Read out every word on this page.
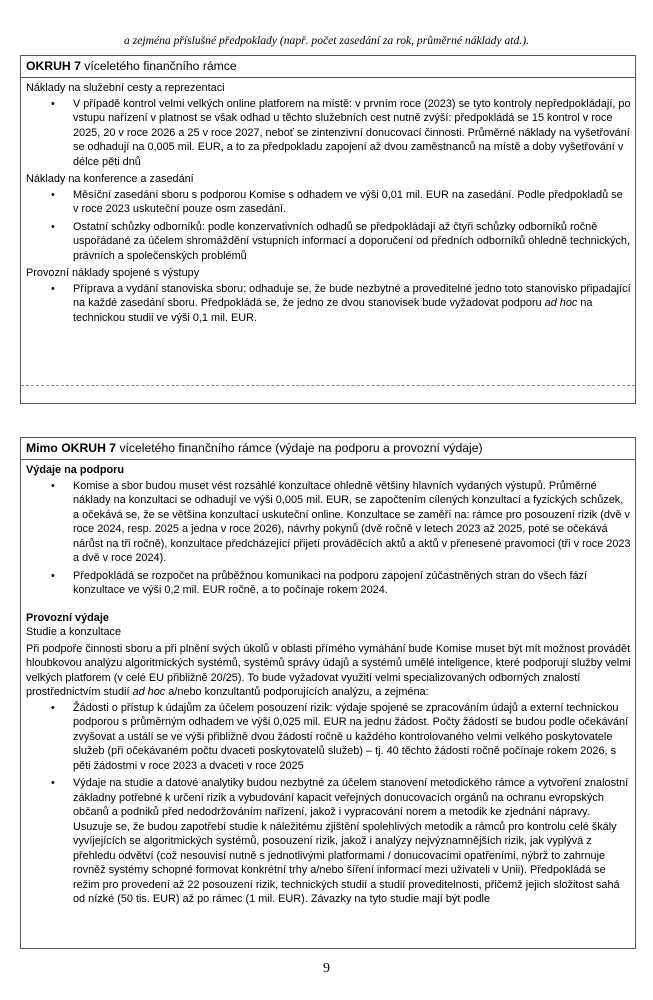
a zejména příslušné předpoklady (např. počet zasedání za rok, průměrné náklady atd.).
OKRUH 7 víceletého finančního rámce
Náklady na služební cesty a reprezentaci
• V případě kontrol velmi velkých online platforem na místě: v prvním roce (2023) se tyto kontroly nepředpokládají, po vstupu nařízení v platnost se však odhad u těchto služebních cest nutně zvýší: předpokládá se 15 kontrol v roce 2025, 20 v roce 2026 a 25 v roce 2027, neboť se zintenzivní donucovací činnosti. Průměrné náklady na vyšetřování se odhadují na 0,005 mil. EUR, a to za předpokladu zapojení až dvou zaměstnanců na místě a doby vyšetřování v délce pěti dnů
Náklady na konference a zasedání
• Měsíční zasedání sboru s podporou Komise s odhadem ve výši 0,01 mil. EUR na zasedání. Podle předpokladů se v roce 2023 uskuteční pouze osm zasedání.
• Ostatní schůzky odborníků: podle konzervativních odhadů se předpokládají až čtyři schůzky odborníků ročně uspořádané za účelem shromáždění vstupních informací a doporučení od předních odborníků ohledně technických, právních a společenských problémů
Provozní náklady spojené s výstupy
• Příprava a vydání stanoviska sboru: odhaduje se, že bude nezbytné a proveditelné jedno toto stanovisko připadající na každé zasedání sboru. Předpokládá se, že jedno ze dvou stanovisek bude vyžadovat podporu ad hoc na technickou studii ve výši 0,1 mil. EUR.
Mimo OKRUH 7 víceletého finančního rámce (výdaje na podporu a provozní výdaje)
Výdaje na podporu
• Komise a sbor budou muset vést rozsáhlé konzultace ohledně většiny hlavních vydaných výstupů. Průměrné náklady na konzultaci se odhadují ve výši 0,005 mil. EUR, se započtením cílených konzultací a fyzických schůzek, a očekává se, že se většina konzultací uskuteční online. Konzultace se zaměří na: rámce pro posouzení rizik (dvě v roce 2024, resp. 2025 a jedna v roce 2026), návrhy pokynů (dvě ročně v letech 2023 až 2025, poté se očekává nárůst na tři ročně), konzultace předcházející přijetí prováděcích aktů a aktů v přenesené pravomoci (tři v roce 2023 a dvě v roce 2024).
• Předpokládá se rozpočet na průběžnou komunikaci na podporu zapojení zúčastněných stran do všech fází konzultace ve výši 0,2 mil. EUR ročně, a to počínaje rokem 2024.
Provozní výdaje
Studie a konzultace
Při podpoře činnosti sboru a při plnění svých úkolů v oblasti přímého vymáhání bude Komise muset být mít možnost provádět hloubkovou analýzu algoritmických systémů, systémů správy údajů a systémů umělé inteligence, které podporují služby velmi velkých platforem (v celé EU přibližně 20/25). To bude vyžadovat využití velmi specializovaných odborných znalostí prostřednictvím studií ad hoc a/nebo konzultantů podporujících analýzu, a zejména:
• Žádosti o přístup k údajům za účelem posouzení rizik: výdaje spojené se zpracováním údajů a externí technickou podporou s průměrným odhadem ve výši 0,025 mil. EUR na jednu žádost. Počty žádostí se budou podle očekávání zvyšovat a ustálí se ve výši přibližně dvou žádostí ročně u každého kontrolovaného velmi velkého poskytovatele služeb (při očekávaném počtu dvaceti poskytovatelů služeb) – tj. 40 těchto žádostí ročně počínaje rokem 2026, s pěti žádostmi v roce 2023 a dvaceti v roce 2025
• Výdaje na studie a datové analytiky budou nezbytné za účelem stanovení metodického rámce a vytvoření znalostní základny potřebné k určení rizik a vybudování kapacit veřejných donucovacích orgánů na ochranu evropských občanů a podniků před nedodržováním nařízení, jakož i vypracování norem a metodik ke zjednání nápravy. Usuzuje se, že budou zapotřebí studie k náležitému zjištění spolehlivých metodik a rámců pro kontrolu celé škály vyvíjejících se algoritmických systémů, posouzení rizik, jakož i analýzy nejvýznamnějších rizik, jak vyplývá z přehledu odvětví (což nesouvisí nutně s jednotlivými platformami / donucovacími opatřeními, nýbrž to zahrnuje rovněž systémy schopné formovat konkrétní trhy a/nebo šíření informací mezi uživateli v Unii). Předpokládá se režim pro provedení až 22 posouzení rizik, technických studií a studií proveditelnosti, přičemž jejich složitost sahá od nízké (50 tis. EUR) až po rámec (1 mil. EUR). Závazky na tyto studie mají být podle
9
